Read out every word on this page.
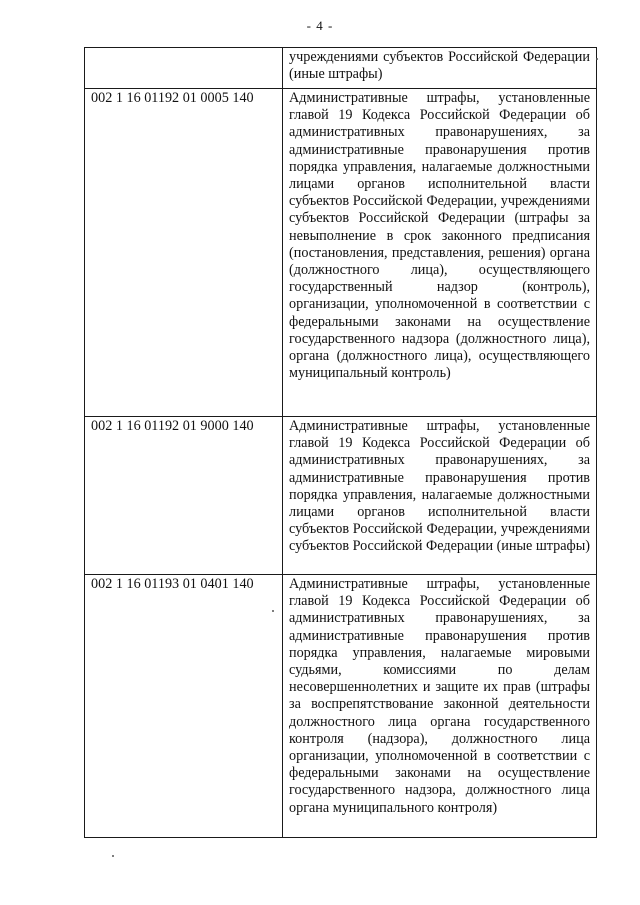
- 4 -
	учреждениями субъектов Российской Федерации (иные штрафы)
002 1 16 01192 01 0005 140	Административные штрафы, установленные главой 19 Кодекса Российской Федерации об административных правонарушениях, за административные правонарушения против порядка управления, налагаемые должностными лицами органов исполнительной власти субъектов Российской Федерации, учреждениями субъектов Российской Федерации (штрафы за невыполнение в срок законного предписания (постановления, представления, решения) органа (должностного лица), осуществляющего государственный надзор (контроль), организации, уполномоченной в соответствии с федеральными законами на осуществление государственного надзора (должностного лица), органа (должностного лица), осуществляющего муниципальный контроль)
002 1 16 01192 01 9000 140	Административные штрафы, установленные главой 19 Кодекса Российской Федерации об административных правонарушениях, за административные правонарушения против порядка управления, налагаемые должностными лицами органов исполнительной власти субъектов Российской Федерации, учреждениями субъектов Российской Федерации (иные штрафы)
002 1 16 01193 01 0401 140	Административные штрафы, установленные главой 19 Кодекса Российской Федерации об административных правонарушениях, за административные правонарушения против порядка управления, налагаемые мировыми судьями, комиссиями по делам несовершеннолетних и защите их прав (штрафы за воспрепятствование законной деятельности должностного лица органа государственного контроля (надзора), должностного лица организации, уполномоченной в соответствии с федеральными законами на осуществление государственного надзора, должностного лица органа муниципального контроля)
